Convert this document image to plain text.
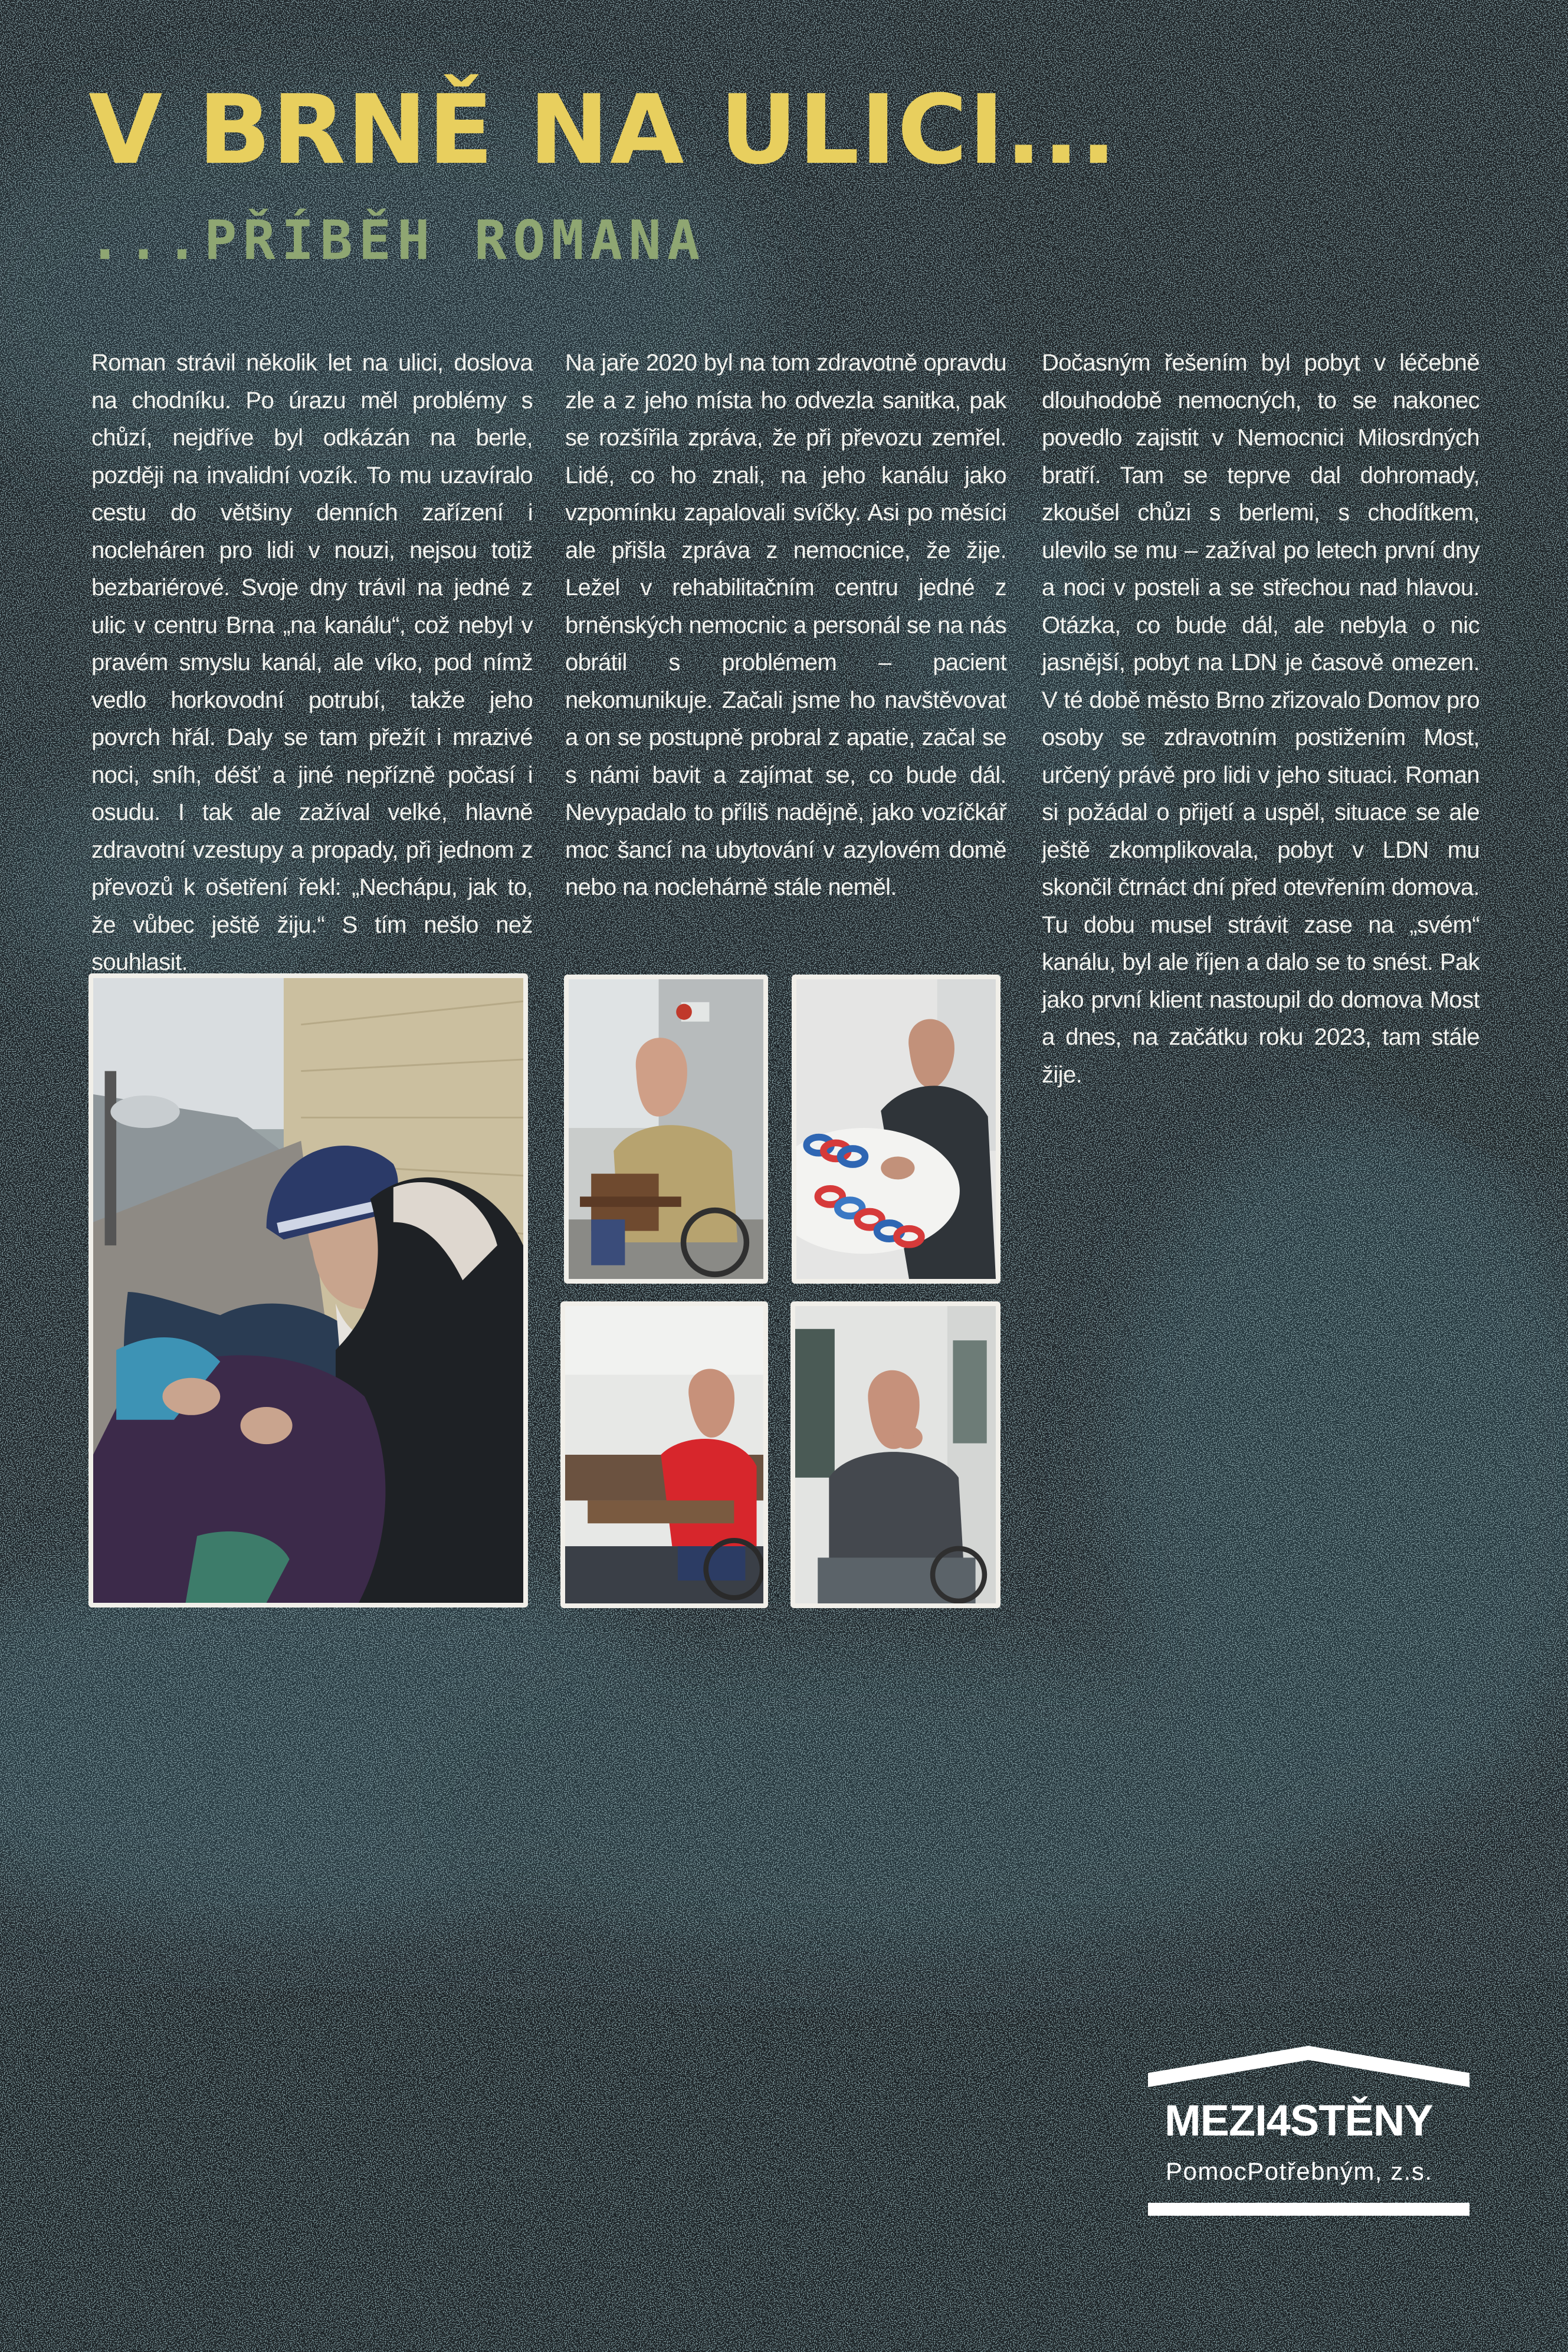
V BRNĚ NA ULICI...
...PŘÍBĚH ROMANA

Roman strávil několik let na ulici, doslova na chodníku. Po úrazu měl problémy s chůzí, nejdříve byl odkázán na berle, později na invalidní vozík. To mu uzavíralo cestu do většiny denních zařízení i nocleháren pro lidi v nouzi, nejsou totiž bezbariérové. Svoje dny trávil na jedné z ulic v centru Brna „na kanálu“, což nebyl v pravém smyslu kanál, ale víko, pod nímž vedlo horkovodní potrubí, takže jeho povrch hřál. Daly se tam přežít i mrazivé noci, sníh, déšť a jiné nepřízně počasí i osudu. I tak ale zažíval velké, hlavně zdravotní vzestupy a propady, při jednom z převozů k ošetření řekl: „Nechápu, jak to, že vůbec ještě žiju.“ S tím nešlo než souhlasit.

Na jaře 2020 byl na tom zdravotně opravdu zle a z jeho místa ho odvezla sanitka, pak se rozšířila zpráva, že při převozu zemřel. Lidé, co ho znali, na jeho kanálu jako vzpomínku zapalovali svíčky. Asi po měsíci ale přišla zpráva z nemocnice, že žije. Ležel v rehabilitačním centru jedné z brněnských nemocnic a personál se na nás obrátil s problémem – pacient nekomunikuje. Začali jsme ho navštěvovat a on se postupně probral z apatie, začal se s námi bavit a zajímat se, co bude dál. Nevypadalo to příliš nadějně, jako vozíčkář moc šancí na ubytování v azylovém domě nebo na noclehárně stále neměl.

Dočasným řešením byl pobyt v léčebně dlouhodobě nemocných, to se nakonec povedlo zajistit v Nemocnici Milosrdných bratří. Tam se teprve dal dohromady, zkoušel chůzi s berlemi, s chodítkem, ulevilo se mu – zažíval po letech první dny a noci v posteli a se střechou nad hlavou. Otázka, co bude dál, ale nebyla o nic jasnější, pobyt na LDN je časově omezen. V té době město Brno zřizovalo Domov pro osoby se zdravotním postižením Most, určený právě pro lidi v jeho situaci. Roman si požádal o přijetí a uspěl, situace se ale ještě zkomplikovala, pobyt v LDN mu skončil čtrnáct dní před otevřením domova. Tu dobu musel strávit zase na „svém“ kanálu, byl ale říjen a dalo se to snést. Pak jako první klient nastoupil do domova Most a dnes, na začátku roku 2023, tam stále žije.

MEZI4STĚNY

PomocPotřebným, z.s.
